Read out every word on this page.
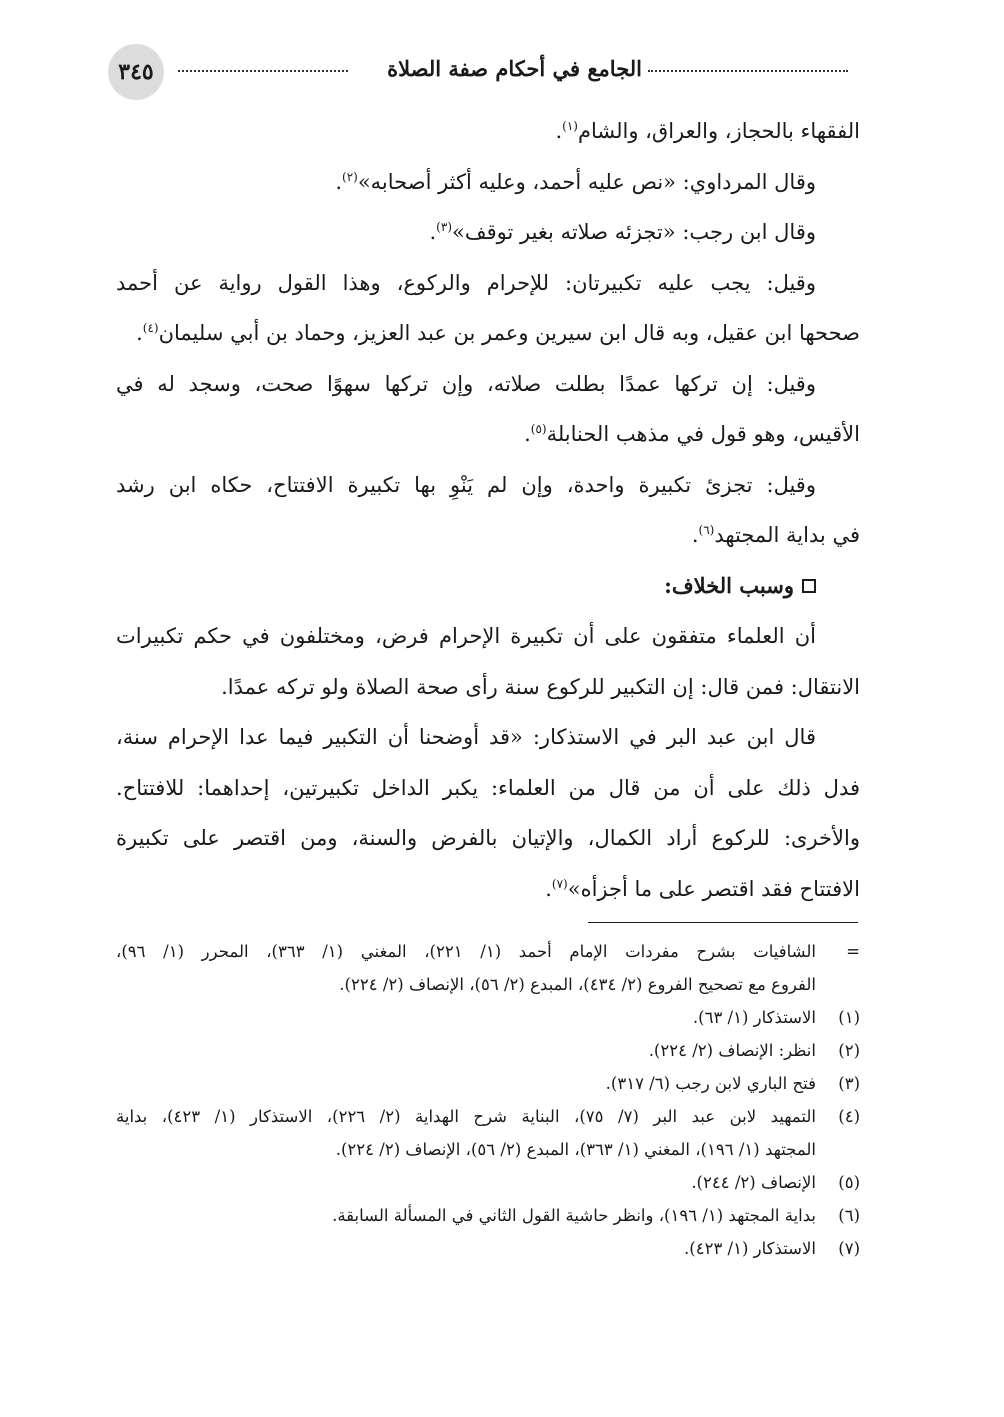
٣٤٥	الجامع في أحكام صفة الصلاة
الفقهاء بالحجاز، والعراق، والشام$^{(١)}$.
وقال المرداوي: «نص عليه أحمد، وعليه أكثر أصحابه»$^{(٢)}$.
وقال ابن رجب: «تجزئه صلاته بغير توقف»$^{(٣)}$.
وقيل: يجب عليه تكبيرتان: للإحرام والركوع، وهذا القول رواية عن أحمد
صححها ابن عقيل، وبه قال ابن سيرين وعمر بن عبد العزيز، وحماد بن أبي سليمان$^{(٤)}$.
وقيل: إن تركها عمدًا بطلت صلاته، وإن تركها سهوًا صحت، وسجد له في
الأقيس، وهو قول في مذهب الحنابلة$^{(٥)}$.
وقيل: تجزئ تكبيرة واحدة، وإن لم يَنْوِ بها تكبيرة الافتتاح، حكاه ابن رشد
في بداية المجتهد$^{(٦)}$.
وسبب الخلاف:
أن العلماء متفقون على أن تكبيرة الإحرام فرض، ومختلفون في حكم تكبيرات
الانتقال: فمن قال: إن التكبير للركوع سنة رأى صحة الصلاة ولو تركه عمدًا.
قال ابن عبد البر في الاستذكار: «قد أوضحنا أن التكبير فيما عدا الإحرام سنة،
فدل ذلك على أن من قال من العلماء: يكبر الداخل تكبيرتين، إحداهما: للافتتاح.
والأخرى: للركوع أراد الكمال، والإتيان بالفرض والسنة، ومن اقتصر على تكبيرة
الافتتاح فقد اقتصر على ما أجزأه»$^{(٧)}$.
=
الشافيات بشرح مفردات الإمام أحمد (١/ ٢٢١)، المغني (١/ ٣٦٣)، المحرر (١/ ٩٦)،
الفروع مع تصحيح الفروع (٢/ ٤٣٤)، المبدع (٢/ ٥٦)، الإنصاف (٢/ ٢٢٤).
(١)
الاستذكار (١/ ٦٣).
(٢)
انظر: الإنصاف (٢/ ٢٢٤).
(٣)
فتح الباري لابن رجب (٦/ ٣١٧).
(٤)
التمهيد لابن عبد البر (٧/ ٧٥)، البناية شرح الهداية (٢/ ٢٢٦)، الاستذكار (١/ ٤٢٣)، بداية
المجتهد (١/ ١٩٦)، المغني (١/ ٣٦٣)، المبدع (٢/ ٥٦)، الإنصاف (٢/ ٢٢٤).
(٥)
الإنصاف (٢/ ٢٤٤).
(٦)
بداية المجتهد (١/ ١٩٦)، وانظر حاشية القول الثاني في المسألة السابقة.
(٧)
الاستذكار (١/ ٤٢٣).
